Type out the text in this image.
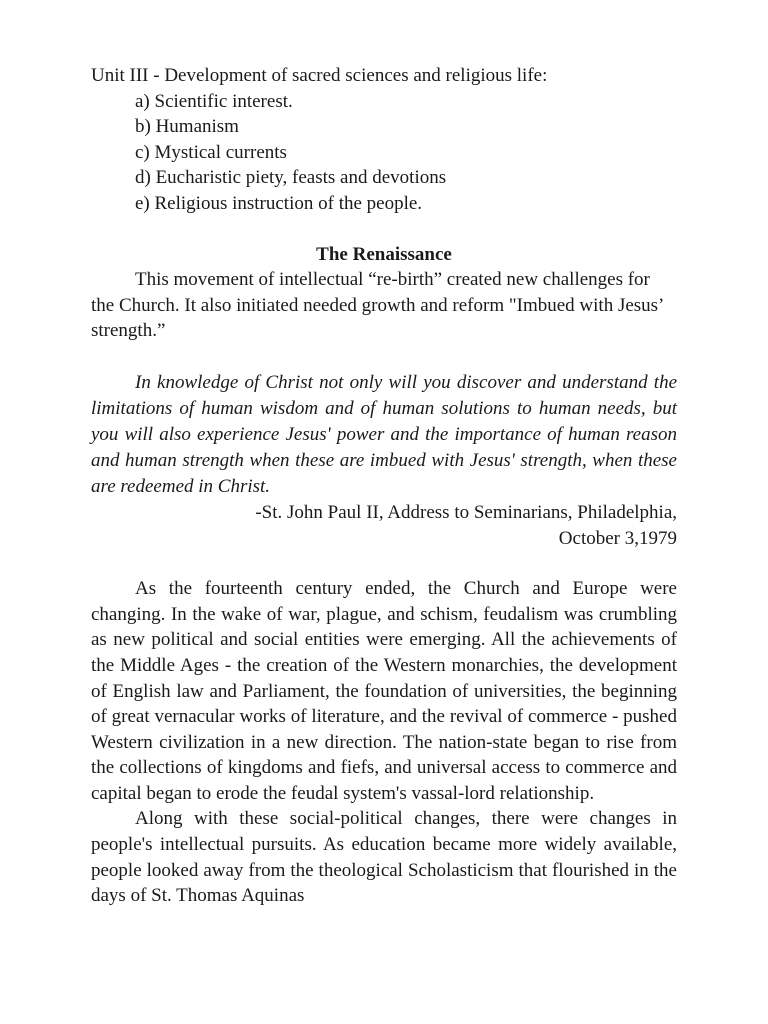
Unit III - Development of sacred sciences and religious life:

a) Scientific interest.
b) Humanism
c) Mystical currents
d) Eucharistic piety, feasts and devotions
e) Religious instruction of the people.
The Renaissance

This movement of intellectual “re-birth” created new challenges for the Church. It also initiated needed growth and reform "Imbued with Jesus’ strength.”

In knowledge of Christ not only will you discover and understand the limitations of human wisdom and of human solutions to human needs, but you will also experience Jesus' power and the importance of human reason and human strength when these are imbued with Jesus' strength, when these are redeemed in Christ.

-St. John Paul II, Address to Seminarians, Philadelphia,
October 3,1979

As the fourteenth century ended, the Church and Europe were changing. In the wake of war, plague, and schism, feudalism was crumbling as new political and social entities were emerging. All the achievements of the Middle Ages - the creation of the Western monarchies, the development of English law and Parliament, the foundation of universities, the beginning of great vernacular works of literature, and the revival of commerce - pushed Western civilization in a new direction. The nation-state began to rise from the collections of kingdoms and fiefs, and universal access to commerce and capital began to erode the feudal system's vassal-lord relationship.

Along with these social-political changes, there were changes in people's intellectual pursuits. As education became more widely available, people looked away from the theological Scholasticism that flourished in the days of St. Thomas Aquinas
